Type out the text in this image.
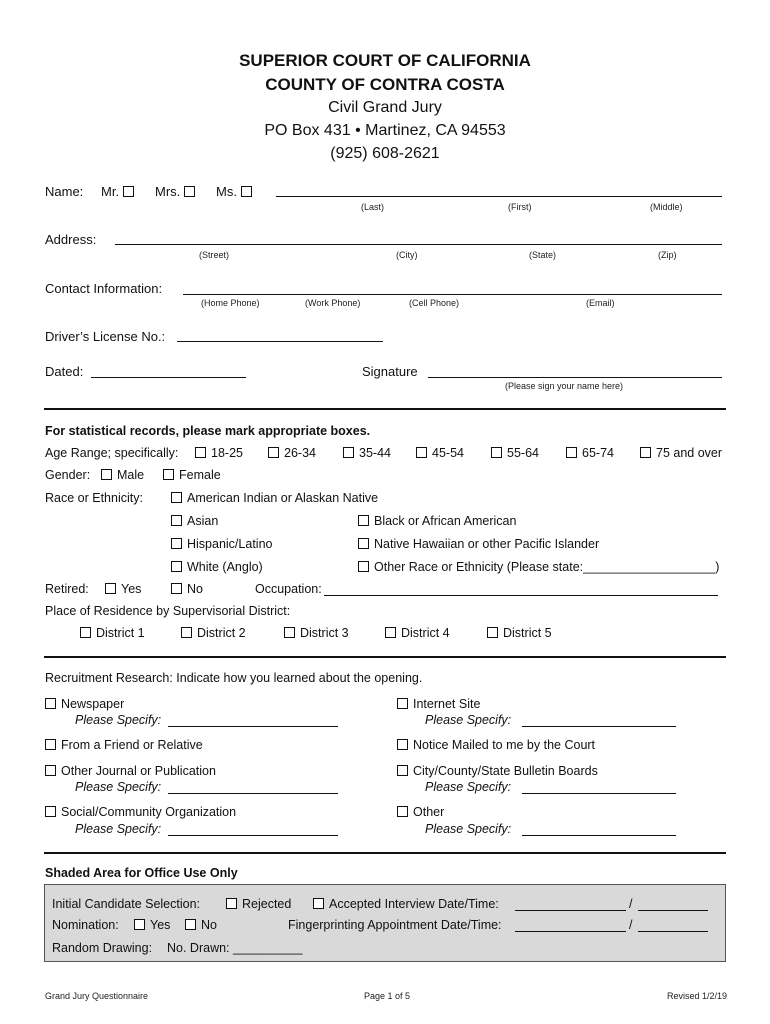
SUPERIOR COURT OF CALIFORNIA
COUNTY OF CONTRA COSTA
Civil Grand Jury
PO Box 431 • Martinez, CA 94553
(925) 608-2621
Name: Mr.	Mrs.	Ms.
(Last)	(First)	(Middle)
Address:
(Street)	(City)	(State)	(Zip)
Contact Information:
(Home Phone)	(Work Phone)	(Cell Phone)	(Email)
Driver’s License No.:
Dated:	Signature
(Please sign your name here)
For statistical records, please mark appropriate boxes.
Age Range; specifically:	18-25	26-34	35-44	45-54	55-64	65-74	75 and over
Gender:	Male	Female
Race or Ethnicity:	American Indian or Alaskan Native
Asian	Black or African American
Hispanic/Latino	Native Hawaiian or other Pacific Islander
White (Anglo)	Other Race or Ethnicity (Please state:___________________)
Retired:	Yes	No	Occupation:
Place of Residence by Supervisorial District:
District 1	District 2	District 3	District 4	District 5
Recruitment Research: Indicate how you learned about the opening.
Newspaper
Please Specify:
Internet Site
Please Specify:
From a Friend or Relative	Notice Mailed to me by the Court
Other Journal or Publication
Please Specify:
City/County/State Bulletin Boards
Please Specify:
Social/Community Organization
Please Specify:
Other
Please Specify:
Shaded Area for Office Use Only
Initial Candidate Selection:	Rejected	Accepted Interview Date/Time:	/
Nomination:	Yes	No	Fingerprinting Appointment Date/Time:	/
Random Drawing: No. Drawn: __________
Grand Jury Questionnaire	Page 1 of 5	Revised 1/2/19
